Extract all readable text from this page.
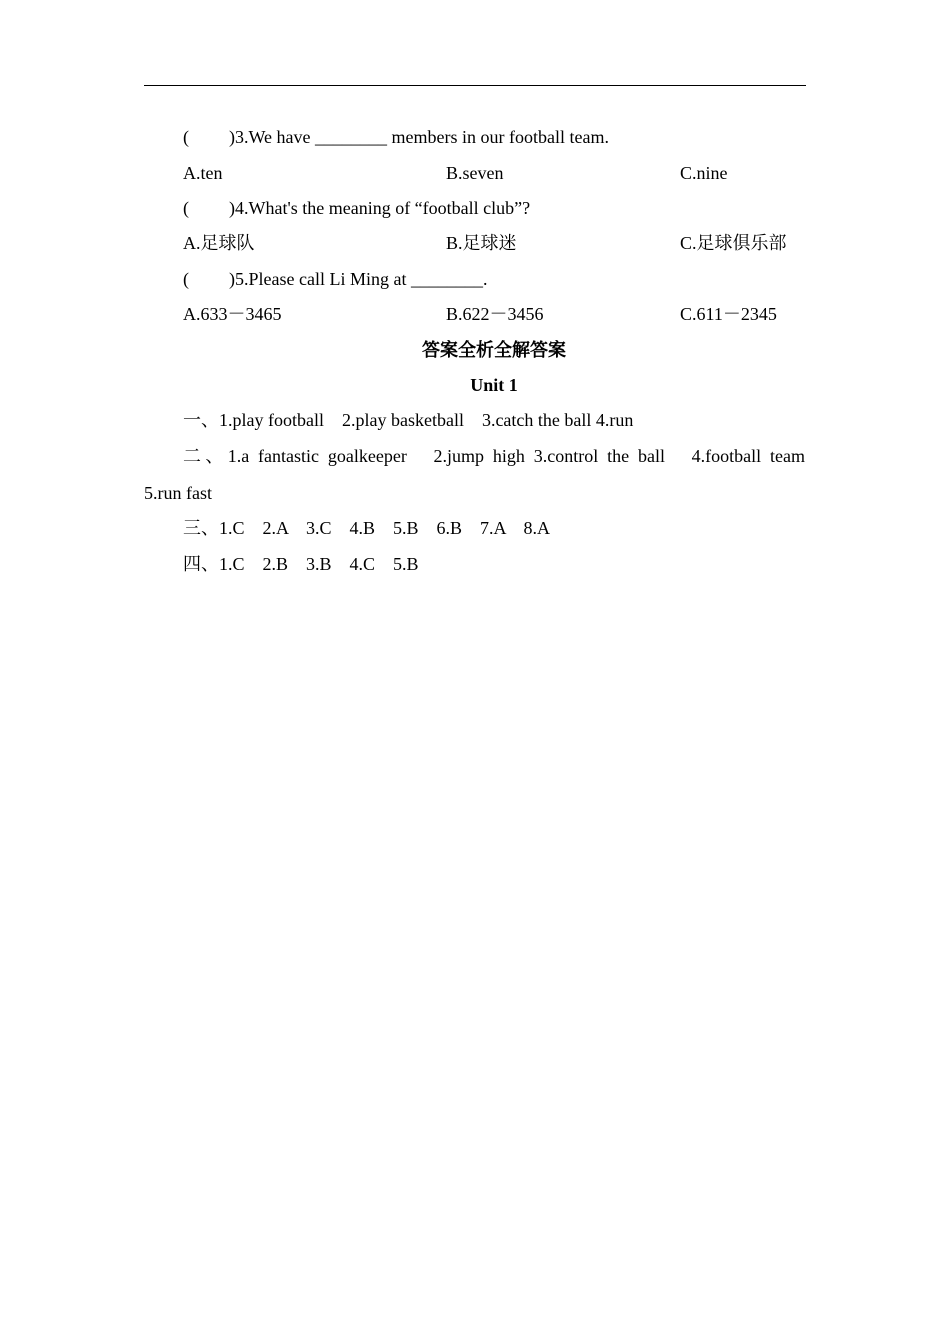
( )3.We have ________ members in our football team.
A.ten	B.seven	C.nine
( )4.What's the meaning of “football club”?
A.足球队	B.足球迷	C.足球俱乐部
( )5.Please call Li Ming at ________.
A.633－3465	B.622－3456	C.611－2345
答案全析全解答案
Unit 1
一、1.play football　2.play basketball　3.catch the ball 4.run
二、1.a fantastic goalkeeper　2.jump high 3.control the ball　4.football team
5.run fast
三、1.C　2.A　3.C　4.B　5.B　6.B　7.A　8.A
四、1.C　2.B　3.B　4.C　5.B
